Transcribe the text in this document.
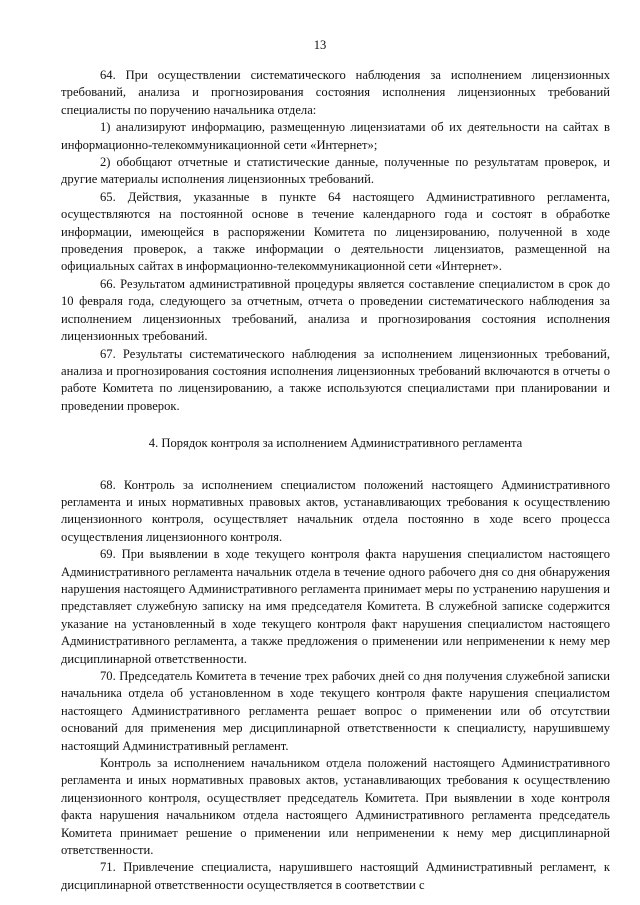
13

64. При осуществлении систематического наблюдения за исполнением лицензионных требований, анализа и прогнозирования состояния исполнения лицензионных требований специалисты по поручению начальника отдела:

1) анализируют информацию, размещенную лицензиатами об их деятельности на сайтах в информационно-телекоммуникационной сети «Интернет»;

2) обобщают отчетные и статистические данные, полученные по результатам проверок, и другие материалы исполнения лицензионных требований.

65. Действия, указанные в пункте 64 настоящего Административного регламента, осуществляются на постоянной основе в течение календарного года и состоят в обработке информации, имеющейся в распоряжении Комитета по лицензированию, полученной в ходе проведения проверок, а также информации о деятельности лицензиатов, размещенной на официальных сайтах в информационно-телекоммуникационной сети «Интернет».

66. Результатом административной процедуры является составление специалистом в срок до 10 февраля года, следующего за отчетным, отчета о проведении систематического наблюдения за исполнением лицензионных требований, анализа и прогнозирования состояния исполнения лицензионных требований.

67. Результаты систематического наблюдения за исполнением лицензионных требований, анализа и прогнозирования состояния исполнения лицензионных требований включаются в отчеты о работе Комитета по лицензированию, а также используются специалистами при планировании и проведении проверок.

4. Порядок контроля за исполнением Административного регламента

68. Контроль за исполнением специалистом положений настоящего Административного регламента и иных нормативных правовых актов, устанавливающих требования к осуществлению лицензионного контроля, осуществляет начальник отдела постоянно в ходе всего процесса осуществления лицензионного контроля.

69. При выявлении в ходе текущего контроля факта нарушения специалистом настоящего Административного регламента начальник отдела в течение одного рабочего дня со дня обнаружения нарушения настоящего Административного регламента принимает меры по устранению нарушения и представляет служебную записку на имя председателя Комитета. В служебной записке содержится указание на установленный в ходе текущего контроля факт нарушения специалистом настоящего Административного регламента, а также предложения о применении или неприменении к нему мер дисциплинарной ответственности.

70. Председатель Комитета в течение трех рабочих дней со дня получения служебной записки начальника отдела об установленном в ходе текущего контроля факте нарушения специалистом настоящего Административного регламента решает вопрос о применении или об отсутствии оснований для применения мер дисциплинарной ответственности к специалисту, нарушившему настоящий Административный регламент.

Контроль за исполнением начальником отдела положений настоящего Административного регламента и иных нормативных правовых актов, устанавливающих требования к осуществлению лицензионного контроля, осуществляет председатель Комитета. При выявлении в ходе контроля факта нарушения начальником отдела настоящего Административного регламента председатель Комитета принимает решение о применении или неприменении к нему мер дисциплинарной ответственности.

71. Привлечение специалиста, нарушившего настоящий Административный регламент, к дисциплинарной ответственности осуществляется в соответствии с
